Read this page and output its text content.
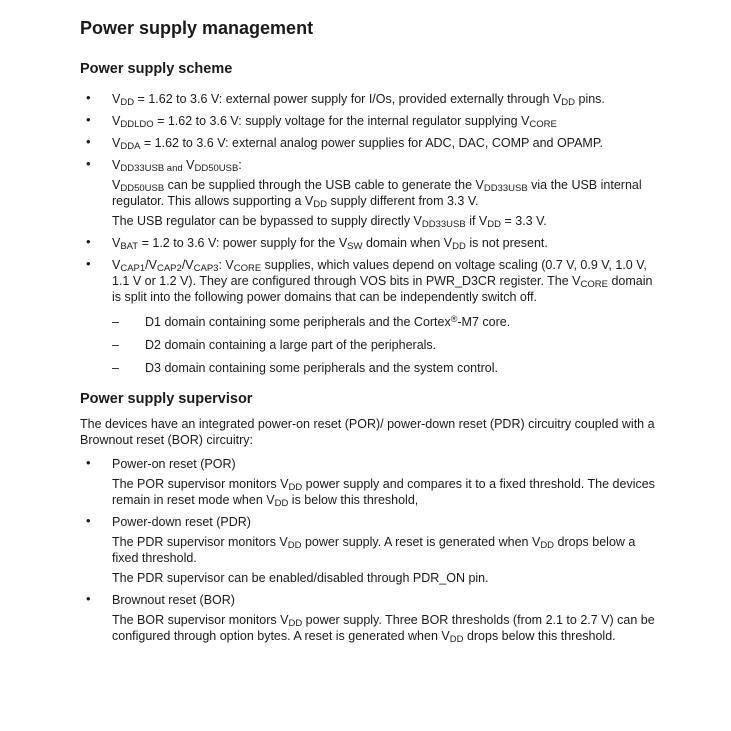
Power supply management
Power supply scheme
• $V_{DD} = 1.62$ to 3.6 V: external power supply for I/Os, provided externally through $V_{DD}$ pins.
• $V_{DDLDO} = 1.62$ to 3.6 V: supply voltage for the internal regulator supplying $V_{CORE}$
• $V_{DDA} = 1.62$ to 3.6 V: external analog power supplies for ADC, DAC, COMP and OPAMP.
• $V_{DD33USB and}$ $V_{DD50USB}$:

$V_{DD50USB}$ can be supplied through the USB cable to generate the $V_{DD33USB}$ via the USB internal regulator. This allows supporting a $V_{DD}$ supply different from 3.3 V.

The USB regulator can be bypassed to supply directly $V_{DD33USB}$ if $V_{DD} = 3.3$ V.

• $V_{BAT} = 1.2$ to 3.6 V: power supply for the $V_{SW}$ domain when $V_{DD}$ is not present.
• $V_{CAP1}/V_{CAP2}/V_{CAP3}$: $V_{CORE}$ supplies, which values depend on voltage scaling (0.7 V, 0.9 V, 1.0 V, 1.1 V or 1.2 V). They are configured through VOS bits in PWR_D3CR register. The $V_{CORE}$ domain is split into the following power domains that can be independently switch off.
– D1 domain containing some peripherals and the Cortex®-M7 core.
– D2 domain containing a large part of the peripherals.
– D3 domain containing some peripherals and the system control.
Power supply supervisor

The devices have an integrated power-on reset (POR)/ power-down reset (PDR) circuitry coupled with a Brownout reset (BOR) circuitry:

• Power-on reset (POR)

The POR supervisor monitors $V_{DD}$ power supply and compares it to a fixed threshold. The devices remain in reset mode when $V_{DD}$ is below this threshold,

• Power-down reset (PDR)

The PDR supervisor monitors $V_{DD}$ power supply. A reset is generated when $V_{DD}$ drops below a fixed threshold.

The PDR supervisor can be enabled/disabled through PDR_ON pin.

• Brownout reset (BOR)

The BOR supervisor monitors $V_{DD}$ power supply. Three BOR thresholds (from 2.1 to 2.7 V) can be configured through option bytes. A reset is generated when $V_{DD}$ drops below this threshold.
